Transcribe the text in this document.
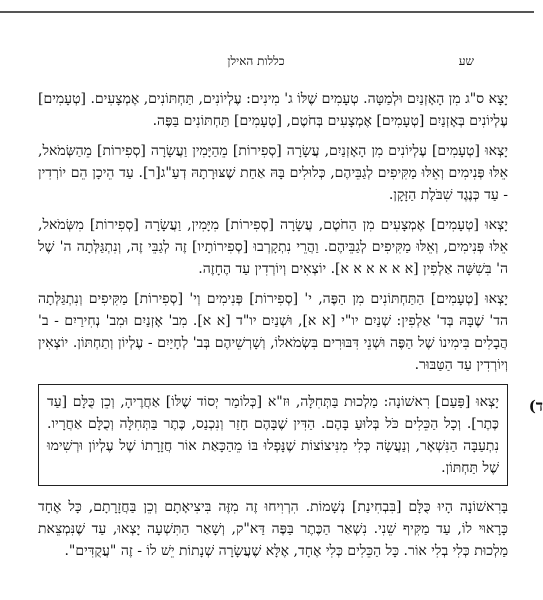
שע
כללות האילן

יָצָא ס"ג מִן הָאָזְנַיִם וּלְמַטָּה. טְעָמִים שֶׁלּוֹ ג' מִינִים: עֶלְיוֹנִים, תַּחְתּוֹנִים, אֶמְצָעִים. [טְעָמִים] עֶלְיוֹנִים בְּאָזְנַיִם [טְעָמִים] אֶמְצָעִים בְּחֹטֶם, [טְעָמִים] תַּחְתּוֹנִים בַּפֶּה.

יָצְאוּ [טְעָמִים] עֶלְיוֹנִים מִן הָאָזְנַיִם, עֲשָׂרָה [סְפִירוֹת] מֵהַיָּמִין וַעֲשָׂרָה [סְפִירוֹת] מֵהַשְּׂמֹאל, אֵלּוּ פְּנִימִים וְאֵלּוּ מַקִּיפִים לְגַבֵּיהֶם, כְּלוּלִים בָּהּ אַחַת שֶׁצּוּרָתָהּ דְעַ"ג[ר]. עַד הֵיכָן הֵם יוֹרְדִין - עַד כְּנֶגֶד שִׁבֹּלֶת הַזָּקָן.

יָצְאוּ [טְעָמִים] אֶמְצָעִים מִן הַחֹטֶם, עֲשָׂרָה [סְפִירוֹת] מִיָּמִין, וַעֲשָׂרָה [סְפִירוֹת] מִשְּׂמֹאל, אֵלּוּ פְּנִימִים, וְאֵלּוּ מַקִּיפִים לְגַבֵּיהֶם. וַהֲרֵי נִתְקָרְבוּ [סְפִירוֹתָיו] זֶה לְגַבֵּי זֶה, וְנִתְגַּלְּתָה ה' שֶׁל ה' בִּשִׁשָּׁה אַלְפִין [א א א א א א]. יוֹצְאִים וְיוֹרְדִין עַד הֶחָזֶה.

יָצְאוּ [טְעָמִים] הַתַּחְתּוֹנִים מִן הַפֶּה, י' [סְפִירוֹת] פְּנִימִים וְי' [סְפִירוֹת] מַקִּיפִים וְנִתְגַּלְּתָה הד' שֶׁבָּהּ בְּד' אַלְפִין: שְׁנַיִם יו"י [א א], וּשְׁנַיִם יו"ד [א א]. מִב' אָזְנַיִם וּמִב' נְחִירַיִם - ב' הֲבָלִים בִּימִינוֹ שֶׁל הַפֶּה וּשְׁנֵי דִּבּוּרִים בִּשְׂמֹאלוֹ, וְשָׁרְשֵׁיהֶם בְּב' לְחָיַיִם - עֶלְיוֹן וְתַחְתּוֹן. יוֹצְאִין וְיוֹרְדִין עַד הַטַּבּוּר.

ד)
יָצְאוּ [פַּעַם] רִאשׁוֹנָה: מַלְכוּת בַּתְּחִלָּה, וּז"א [כְּלוֹמַר יְסוֹד שֶׁלּוֹ] אַחֲרֶיהָ, וְכֵן כֻּלָּם [עַד כֶּתֶר]. וְכָל הַכֵּלִים כֹּל בְּלוּעַ בָּהֶם. הַדִּין שֶׁבָּהֶם חָזַר וְנִכְנַס, כֶּתֶר בַּתְּחִלָּה וְכֻלָּם אַחֲרָיו. נִתְעַבָּה הַנִּשְׁאָר, וְנַעֲשָׂה כְּלִי מִנִּיצוֹצוֹת שֶׁנָּפְלוּ בּוֹ מֵהַכָּאַת אוֹר חֲזָרָתוֹ שֶׁל עֶלְיוֹן וּרְשִׁימוּ שֶׁל תַּחְתּוֹן.

בָּרִאשׁוֹנָה הָיוּ כֻּלָּם [בִּבְחִינַת] נְשָׁמוֹת. הִרְוִיחוּ זֶה מִזֶּה בִּיצִיאָתָם וְכֵן בַּחֲזָרָתָם, כָּל אֶחָד כָּרָאוּי לוֹ, עַד מַקִּיף שֵׁנִי. נִשְׁאַר הַכֶּתֶר בַּפֶּה דַּא"ק, וְשָׁאַר הַתִּשְׁעָה יָצְאוּ, עַד שֶׁנִּמְצֵאת מַלְכוּת כְּלִי בְלִי אוֹר. כָּל הַכֵּלִים כְּלִי אֶחָד, אֶלָּא שֶׁעֲשָׂרָה שְׁנָתוֹת יֵשׁ לוֹ - זֶה "עֲקֻדִּים".
